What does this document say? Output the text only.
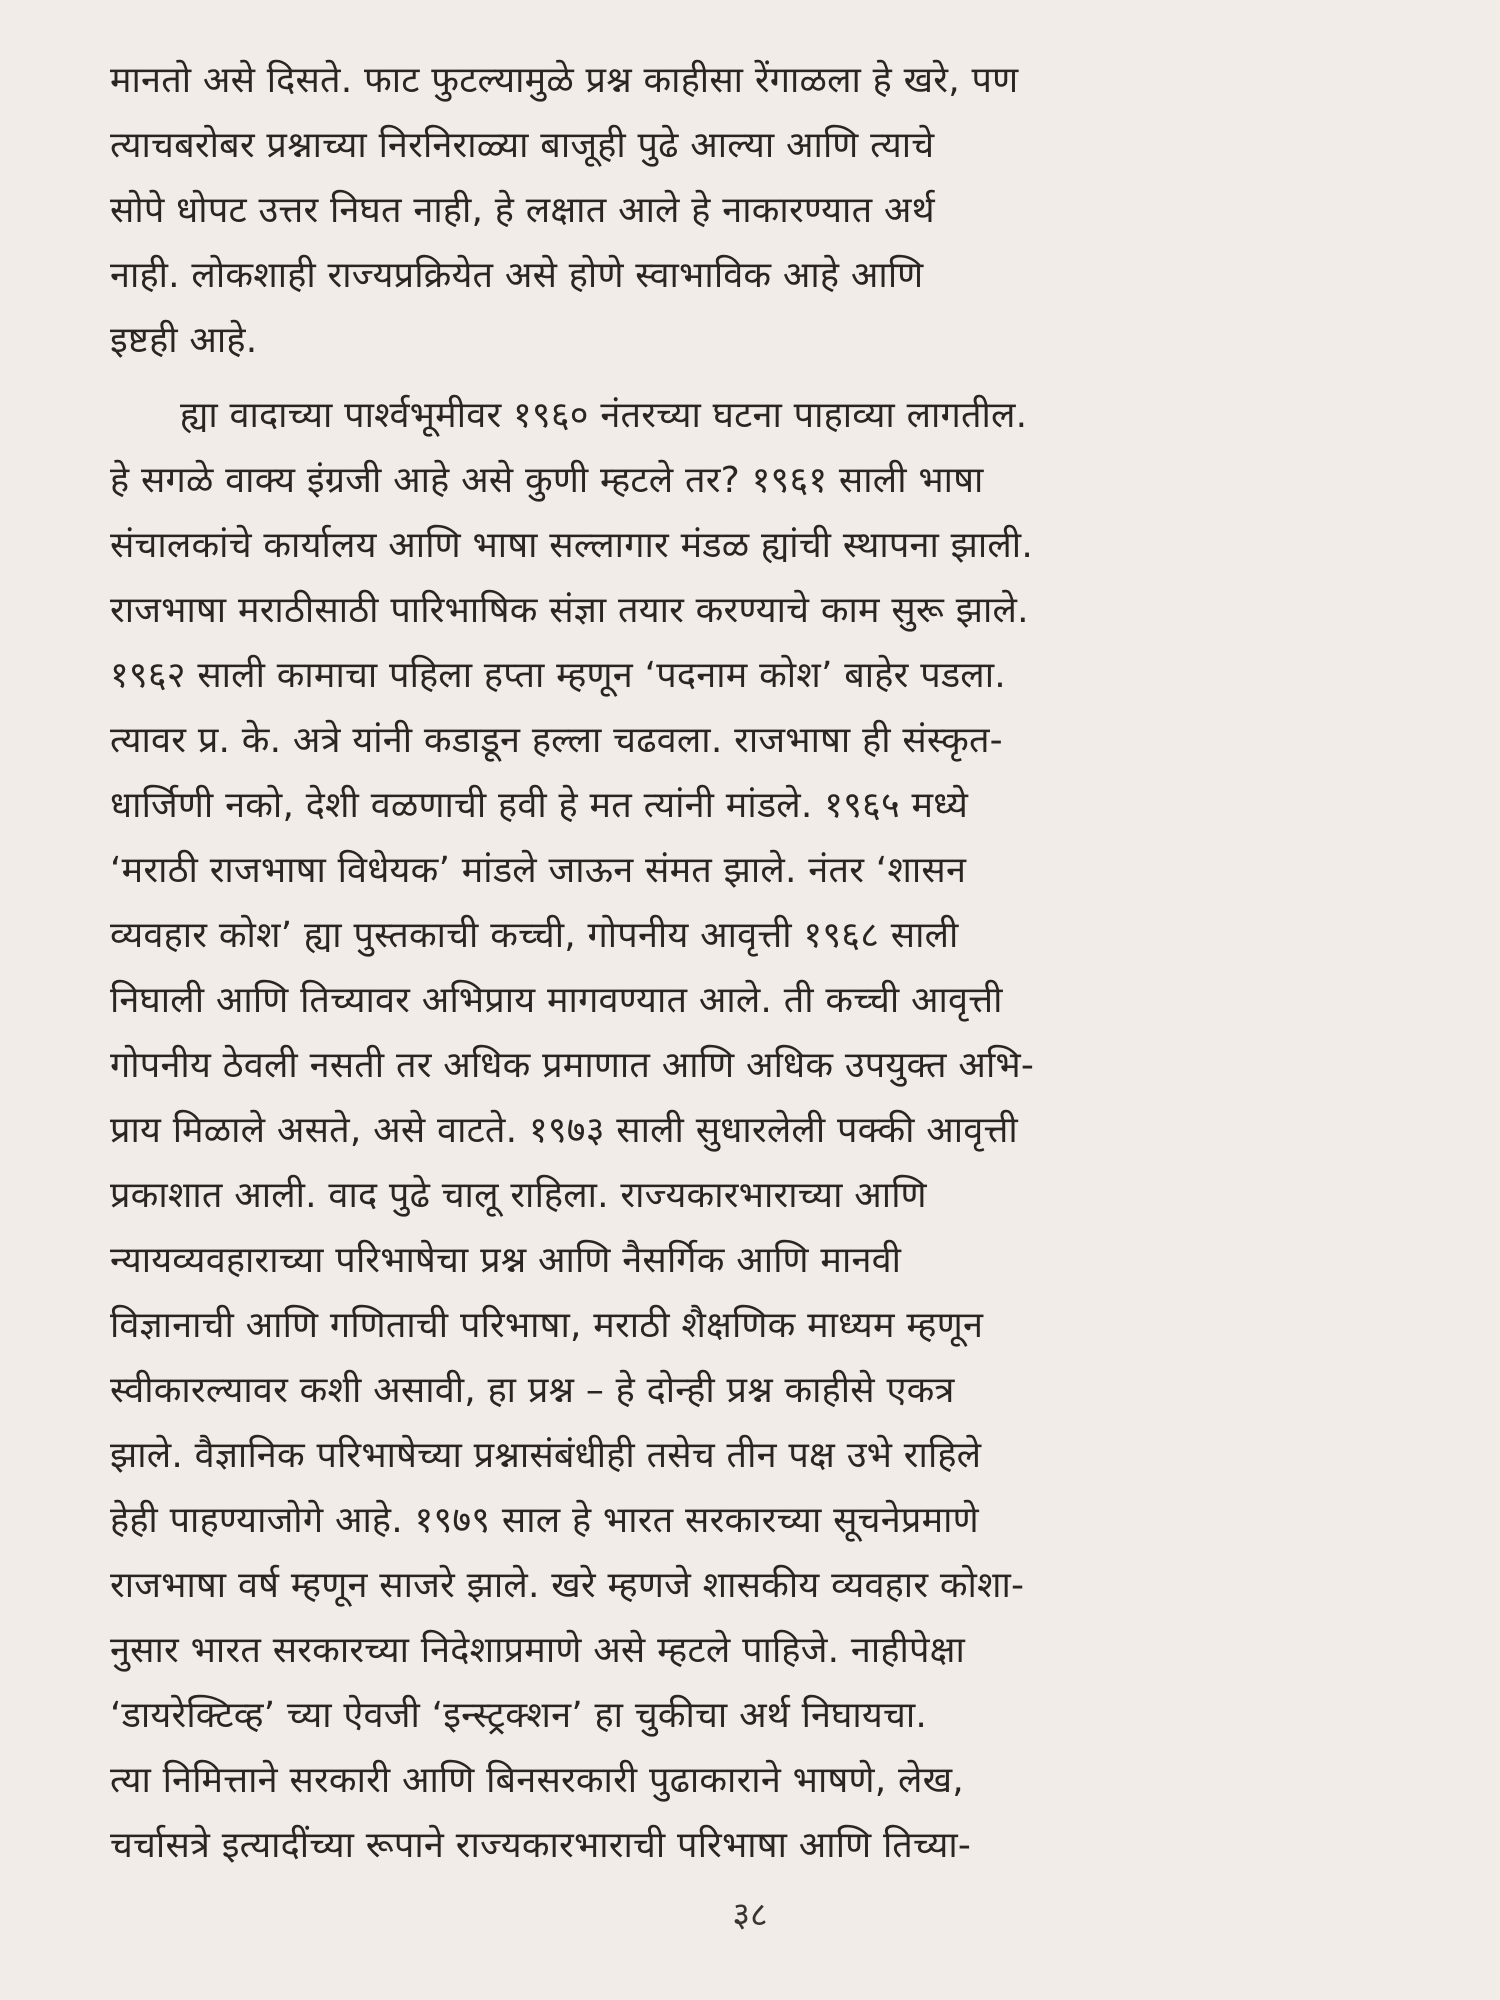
मानतो असे दिसते. फाट फुटल्यामुळे प्रश्न काहीसा रेंगाळला हे खरे, पण
त्याचबरोबर प्रश्नाच्या निरनिराळ्या बाजूही पुढे आल्या आणि त्याचे
सोपे धोपट उत्तर निघत नाही, हे लक्षात आले हे नाकारण्यात अर्थ
नाही. लोकशाही राज्यप्रक्रियेत असे होणे स्वाभाविक आहे आणि
इष्टही आहे.

ह्या वादाच्या पार्श्वभूमीवर १९६० नंतरच्या घटना पाहाव्या लागतील.
हे सगळे वाक्य इंग्रजी आहे असे कुणी म्हटले तर? १९६१ साली भाषा
संचालकांचे कार्यालय आणि भाषा सल्लागार मंडळ ह्यांची स्थापना झाली.
राजभाषा मराठीसाठी पारिभाषिक संज्ञा तयार करण्याचे काम सुरू झाले.
१९६२ साली कामाचा पहिला हप्ता म्हणून ‘पदनाम कोश’ बाहेर पडला.
त्यावर प्र. के. अत्रे यांनी कडाडून हल्ला चढवला. राजभाषा ही संस्कृत-
धार्जिणी नको, देशी वळणाची हवी हे मत त्यांनी मांडले. १९६५ मध्ये
‘मराठी राजभाषा विधेयक’ मांडले जाऊन संमत झाले. नंतर ‘शासन
व्यवहार कोश’ ह्या पुस्तकाची कच्ची, गोपनीय आवृत्ती १९६८ साली
निघाली आणि तिच्यावर अभिप्राय मागवण्यात आले. ती कच्ची आवृत्ती
गोपनीय ठेवली नसती तर अधिक प्रमाणात आणि अधिक उपयुक्त अभि-
प्राय मिळाले असते, असे वाटते. १९७३ साली सुधारलेली पक्की आवृत्ती
प्रकाशात आली. वाद पुढे चालू राहिला. राज्यकारभाराच्या आणि
न्यायव्यवहाराच्या परिभाषेचा प्रश्न आणि नैसर्गिक आणि मानवी
विज्ञानाची आणि गणिताची परिभाषा, मराठी शैक्षणिक माध्यम म्हणून
स्वीकारल्यावर कशी असावी, हा प्रश्न – हे दोन्ही प्रश्न काहीसे एकत्र
झाले. वैज्ञानिक परिभाषेच्या प्रश्नासंबंधीही तसेच तीन पक्ष उभे राहिले
हेही पाहण्याजोगे आहे. १९७९ साल हे भारत सरकारच्या सूचनेप्रमाणे
राजभाषा वर्ष म्हणून साजरे झाले. खरे म्हणजे शासकीय व्यवहार कोशा-
नुसार भारत सरकारच्या निदेशाप्रमाणे असे म्हटले पाहिजे. नाहीपेक्षा
‘डायरेक्टिव्ह’ च्या ऐवजी ‘इन्स्ट्रक्शन’ हा चुकीचा अर्थ निघायचा.
त्या निमित्ताने सरकारी आणि बिनसरकारी पुढाकाराने भाषणे, लेख,
चर्चासत्रे इत्यादींच्या रूपाने राज्यकारभाराची परिभाषा आणि तिच्या-

३८
